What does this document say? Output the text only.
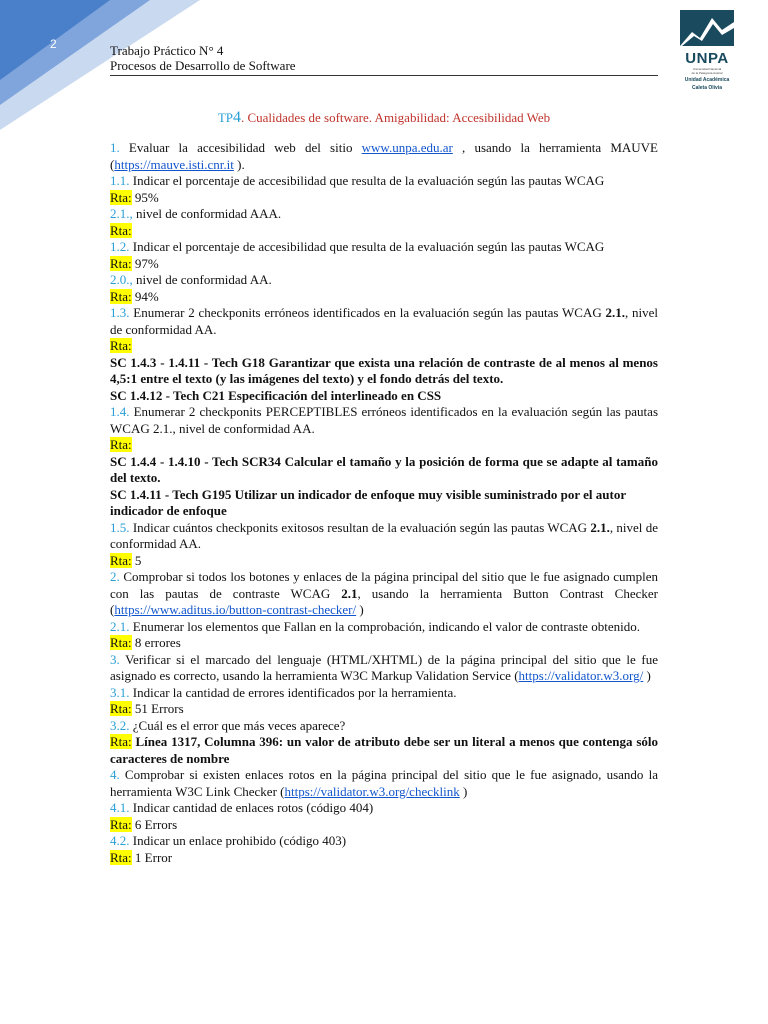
2	Trabajo Práctico N° 4
Procesos de Desarrollo de Software	UNPA
Universidad Nacional
de la Patagonia Austral
Unidad Académica
Caleta Olivia
TP4. Cualidades de software. Amigabilidad: Accesibilidad Web

1. Evaluar la accesibilidad web del sitio www.unpa.edu.ar , usando la herramienta MAUVE (https://mauve.isti.cnr.it ).

1.1. Indicar el porcentaje de accesibilidad que resulta de la evaluación según las pautas WCAG

Rta: 95%

2.1., nivel de conformidad AAA.

Rta:

1.2. Indicar el porcentaje de accesibilidad que resulta de la evaluación según las pautas WCAG

Rta: 97%

2.0., nivel de conformidad AA.

Rta: 94%

1.3. Enumerar 2 checkponits erróneos identificados en la evaluación según las pautas WCAG 2.1., nivel de conformidad AA.

Rta:

SC 1.4.3 - 1.4.11 - Tech G18 Garantizar que exista una relación de contraste de al menos al menos 4,5:1 entre el texto (y las imágenes del texto) y el fondo detrás del texto.

SC 1.4.12 - Tech C21 Especificación del interlineado en CSS

1.4. Enumerar 2 checkponits PERCEPTIBLES erróneos identificados en la evaluación según las pautas WCAG 2.1., nivel de conformidad AA.

Rta:

SC 1.4.4 - 1.4.10 - Tech SCR34 Calcular el tamaño y la posición de forma que se adapte al tamaño del texto.

SC 1.4.11 - Tech G195 Utilizar un indicador de enfoque muy visible suministrado por el autor

indicador de enfoque

1.5. Indicar cuántos checkponits exitosos resultan de la evaluación según las pautas WCAG 2.1., nivel de conformidad AA.

Rta: 5

2. Comprobar si todos los botones y enlaces de la página principal del sitio que le fue asignado cumplen con las pautas de contraste WCAG 2.1, usando la herramienta Button Contrast Checker (https://www.aditus.io/button-contrast-checker/ )

2.1. Enumerar los elementos que Fallan en la comprobación, indicando el valor de contraste obtenido.

Rta: 8 errores

3. Verificar si el marcado del lenguaje (HTML/XHTML) de la página principal del sitio que le fue asignado es correcto, usando la herramienta W3C Markup Validation Service (https://validator.w3.org/ )

3.1. Indicar la cantidad de errores identificados por la herramienta.

Rta: 51 Errors

3.2. ¿Cuál es el error que más veces aparece?

Rta: Línea 1317, Columna 396: un valor de atributo debe ser un literal a menos que contenga sólo caracteres de nombre

4. Comprobar si existen enlaces rotos en la página principal del sitio que le fue asignado, usando la herramienta W3C Link Checker (https://validator.w3.org/checklink )

4.1. Indicar cantidad de enlaces rotos (código 404)

Rta: 6 Errors

4.2. Indicar un enlace prohibido (código 403)

Rta: 1 Error
